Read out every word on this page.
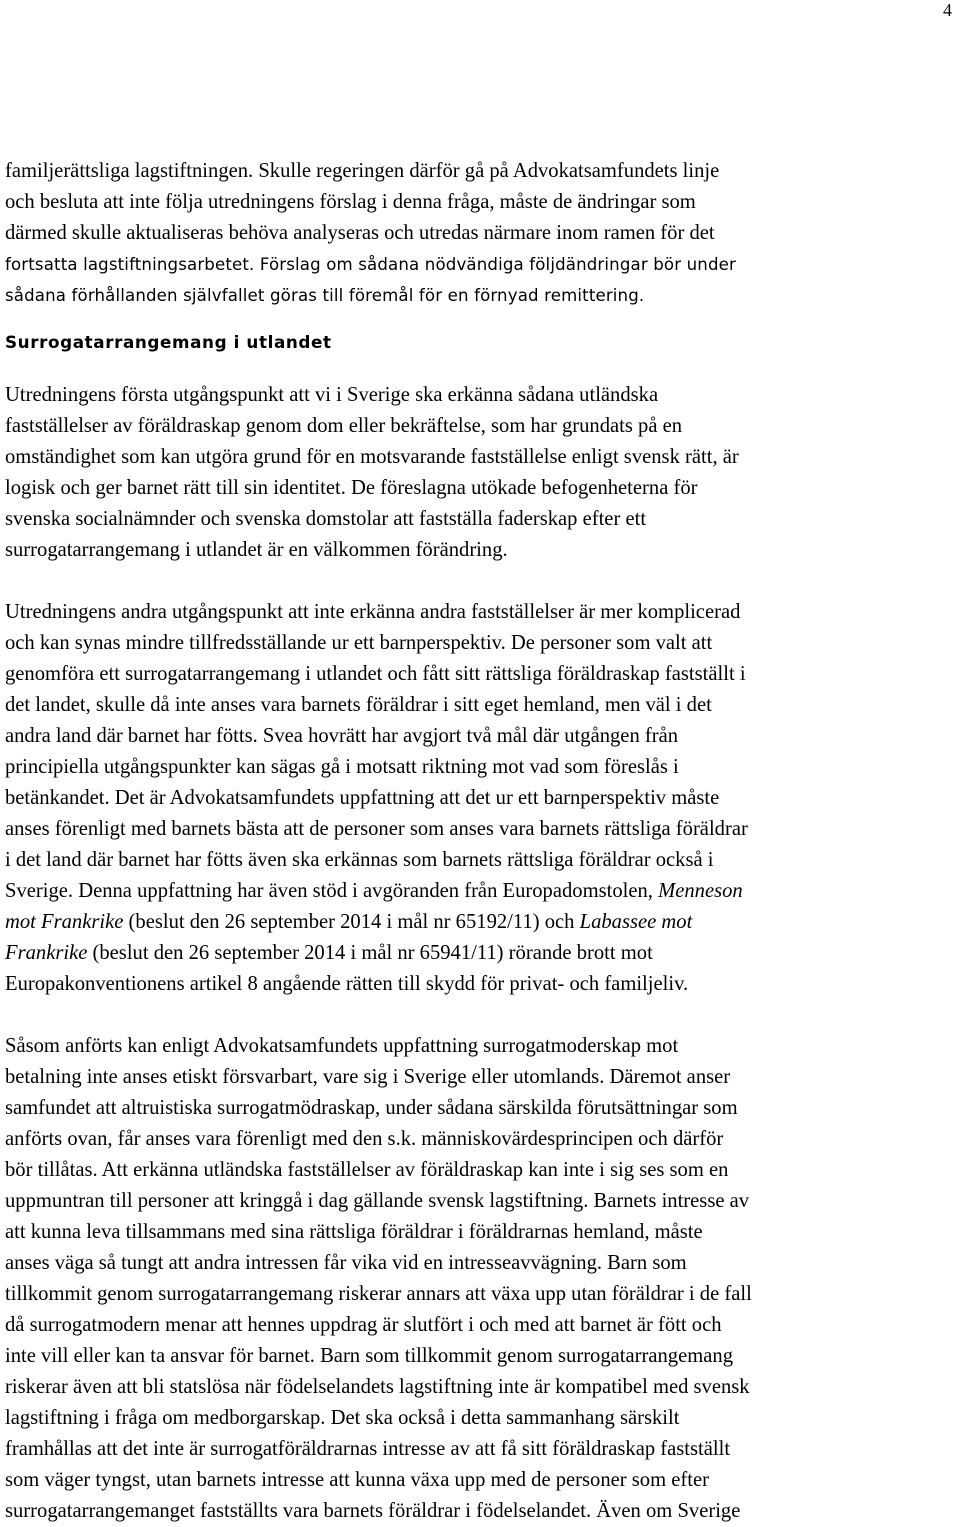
4

familjerättsliga lagstiftningen. Skulle regeringen därför gå på Advokatsamfundets linje
och besluta att inte följa utredningens förslag i denna fråga, måste de ändringar som
därmed skulle aktualiseras behöva analyseras och utredas närmare inom ramen för det
fortsatta lagstiftningsarbetet. Förslag om sådana nödvändiga följdändringar bör under
sådana förhållanden självfallet göras till föremål för en förnyad remittering.

Surrogatarrangemang i utlandet

Utredningens första utgångspunkt att vi i Sverige ska erkänna sådana utländska
fastställelser av föräldraskap genom dom eller bekräftelse, som har grundats på en
omständighet som kan utgöra grund för en motsvarande fastställelse enligt svensk rätt, är
logisk och ger barnet rätt till sin identitet. De föreslagna utökade befogenheterna för
svenska socialnämnder och svenska domstolar att fastställa faderskap efter ett
surrogatarrangemang i utlandet är en välkommen förändring.

Utredningens andra utgångspunkt att inte erkänna andra fastställelser är mer komplicerad
och kan synas mindre tillfredsställande ur ett barnperspektiv. De personer som valt att
genomföra ett surrogatarrangemang i utlandet och fått sitt rättsliga föräldraskap fastställt i
det landet, skulle då inte anses vara barnets föräldrar i sitt eget hemland, men väl i det
andra land där barnet har fötts. Svea hovrätt har avgjort två mål där utgången från
principiella utgångspunkter kan sägas gå i motsatt riktning mot vad som föreslås i
betänkandet. Det är Advokatsamfundets uppfattning att det ur ett barnperspektiv måste
anses förenligt med barnets bästa att de personer som anses vara barnets rättsliga föräldrar
i det land där barnet har fötts även ska erkännas som barnets rättsliga föräldrar också i
Sverige. Denna uppfattning har även stöd i avgöranden från Europadomstolen, Menneson
mot Frankrike (beslut den 26 september 2014 i mål nr 65192/11) och Labassee mot
Frankrike (beslut den 26 september 2014 i mål nr 65941/11) rörande brott mot
Europakonventionens artikel 8 angående rätten till skydd för privat- och familjeliv.

Såsom anförts kan enligt Advokatsamfundets uppfattning surrogatmoderskap mot
betalning inte anses etiskt försvarbart, vare sig i Sverige eller utomlands. Däremot anser
samfundet att altruistiska surrogatmödraskap, under sådana särskilda förutsättningar som
anförts ovan, får anses vara förenligt med den s.k. människovärdesprincipen och därför
bör tillåtas. Att erkänna utländska fastställelser av föräldraskap kan inte i sig ses som en
uppmuntran till personer att kringgå i dag gällande svensk lagstiftning. Barnets intresse av
att kunna leva tillsammans med sina rättsliga föräldrar i föräldrarnas hemland, måste
anses väga så tungt att andra intressen får vika vid en intresseavvägning. Barn som
tillkommit genom surrogatarrangemang riskerar annars att växa upp utan föräldrar i de fall
då surrogatmodern menar att hennes uppdrag är slutfört i och med att barnet är fött och
inte vill eller kan ta ansvar för barnet. Barn som tillkommit genom surrogatarrangemang
riskerar även att bli statslösa när födelselandets lagstiftning inte är kompatibel med svensk
lagstiftning i fråga om medborgarskap. Det ska också i detta sammanhang särskilt
framhållas att det inte är surrogatföräldrarnas intresse av att få sitt föräldraskap fastställt
som väger tyngst, utan barnets intresse att kunna växa upp med de personer som efter
surrogatarrangemanget fastställts vara barnets föräldrar i födelselandet. Även om Sverige
